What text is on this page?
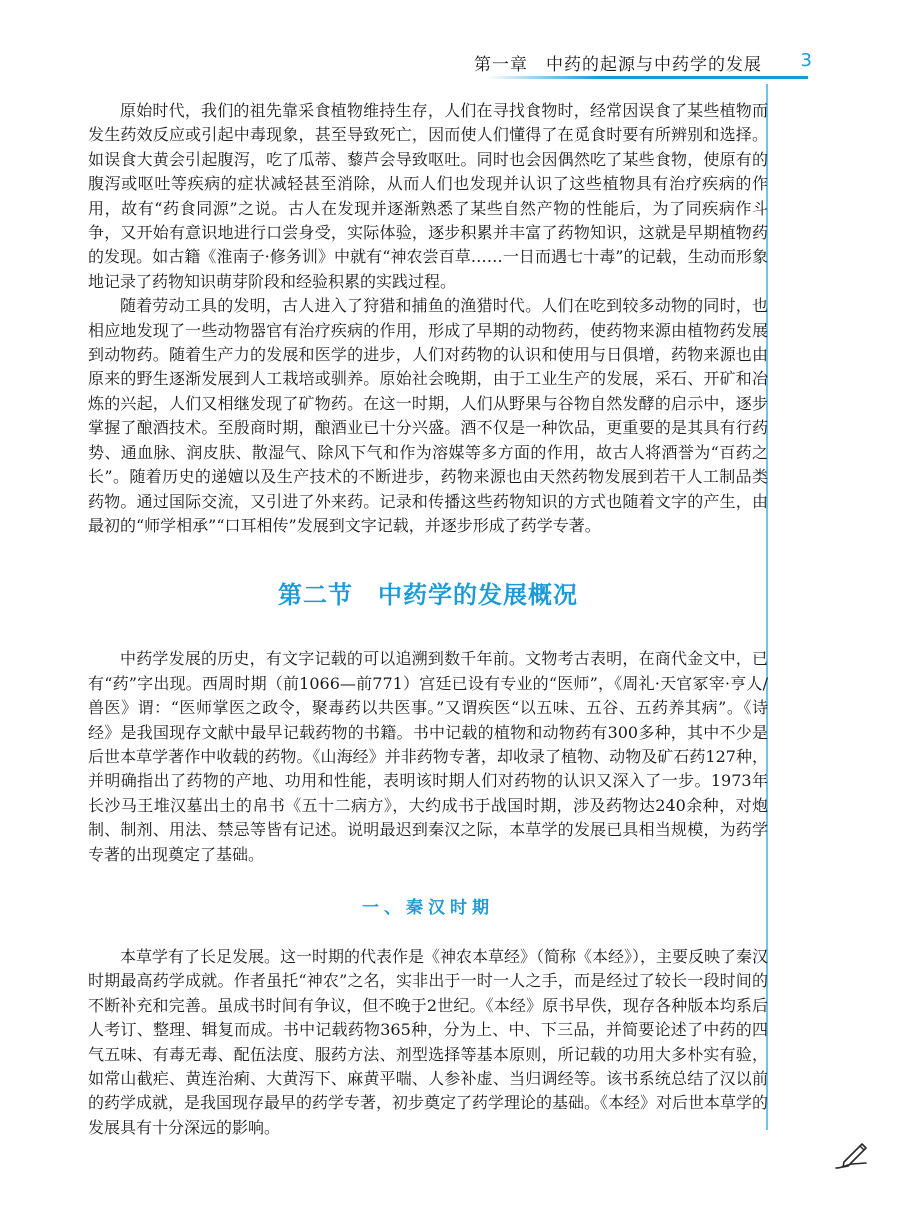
第一章　中药的起源与中药学的发展 3

原始时代，我们的祖先靠采食植物维持生存，人们在寻找食物时，经常因误食了某些植物而发生药效反应或引起中毒现象，甚至导致死亡，因而使人们懂得了在觅食时要有所辨别和选择。如误食大黄会引起腹泻，吃了瓜蒂、藜芦会导致呕吐。同时也会因偶然吃了某些食物，使原有的腹泻或呕吐等疾病的症状减轻甚至消除，从而人们也发现并认识了这些植物具有治疗疾病的作用，故有“药食同源”之说。古人在发现并逐渐熟悉了某些自然产物的性能后，为了同疾病作斗争，又开始有意识地进行口尝身受，实际体验，逐步积累并丰富了药物知识，这就是早期植物药的发现。如古籍《淮南子·修务训》中就有“神农尝百草……一日而遇七十毒”的记载，生动而形象地记录了药物知识萌芽阶段和经验积累的实践过程。

随着劳动工具的发明，古人进入了狩猎和捕鱼的渔猎时代。人们在吃到较多动物的同时，也相应地发现了一些动物器官有治疗疾病的作用，形成了早期的动物药，使药物来源由植物药发展到动物药。随着生产力的发展和医学的进步，人们对药物的认识和使用与日俱增，药物来源也由原来的野生逐渐发展到人工栽培或驯养。原始社会晚期，由于工业生产的发展，采石、开矿和冶炼的兴起，人们又相继发现了矿物药。在这一时期，人们从野果与谷物自然发酵的启示中，逐步掌握了酿酒技术。至殷商时期，酿酒业已十分兴盛。酒不仅是一种饮品，更重要的是其具有行药势、通血脉、润皮肤、散湿气、除风下气和作为溶媒等多方面的作用，故古人将酒誉为“百药之长”。随着历史的递嬗以及生产技术的不断进步，药物来源也由天然药物发展到若干人工制品类药物。通过国际交流，又引进了外来药。记录和传播这些药物知识的方式也随着文字的产生，由最初的“师学相承”“口耳相传”发展到文字记载，并逐步形成了药学专著。

第二节　中药学的发展概况

中药学发展的历史，有文字记载的可以追溯到数千年前。文物考古表明，在商代金文中，已有“药”字出现。西周时期（前1066—前771）宫廷已设有专业的“医师”，《周礼·天官冢宰·亨人/兽医》谓：“医师掌医之政令，聚毒药以共医事。”又谓疾医“以五味、五谷、五药养其病”。《诗经》是我国现存文献中最早记载药物的书籍。书中记载的植物和动物药有300多种，其中不少是后世本草学著作中收载的药物。《山海经》并非药物专著，却收录了植物、动物及矿石药127种，并明确指出了药物的产地、功用和性能，表明该时期人们对药物的认识又深入了一步。1973年长沙马王堆汉墓出土的帛书《五十二病方》，大约成书于战国时期，涉及药物达240余种，对炮制、制剂、用法、禁忌等皆有记述。说明最迟到秦汉之际，本草学的发展已具相当规模，为药学专著的出现奠定了基础。

一、秦汉时期

本草学有了长足发展。这一时期的代表作是《神农本草经》（简称《本经》），主要反映了秦汉时期最高药学成就。作者虽托“神农”之名，实非出于一时一人之手，而是经过了较长一段时间的不断补充和完善。虽成书时间有争议，但不晚于2世纪。《本经》原书早佚，现存各种版本均系后人考订、整理、辑复而成。书中记载药物365种，分为上、中、下三品，并简要论述了中药的四气五味、有毒无毒、配伍法度、服药方法、剂型选择等基本原则，所记载的功用大多朴实有验，如常山截疟、黄连治痢、大黄泻下、麻黄平喘、人参补虚、当归调经等。该书系统总结了汉以前的药学成就，是我国现存最早的药学专著，初步奠定了药学理论的基础。《本经》对后世本草学的发展具有十分深远的影响。
